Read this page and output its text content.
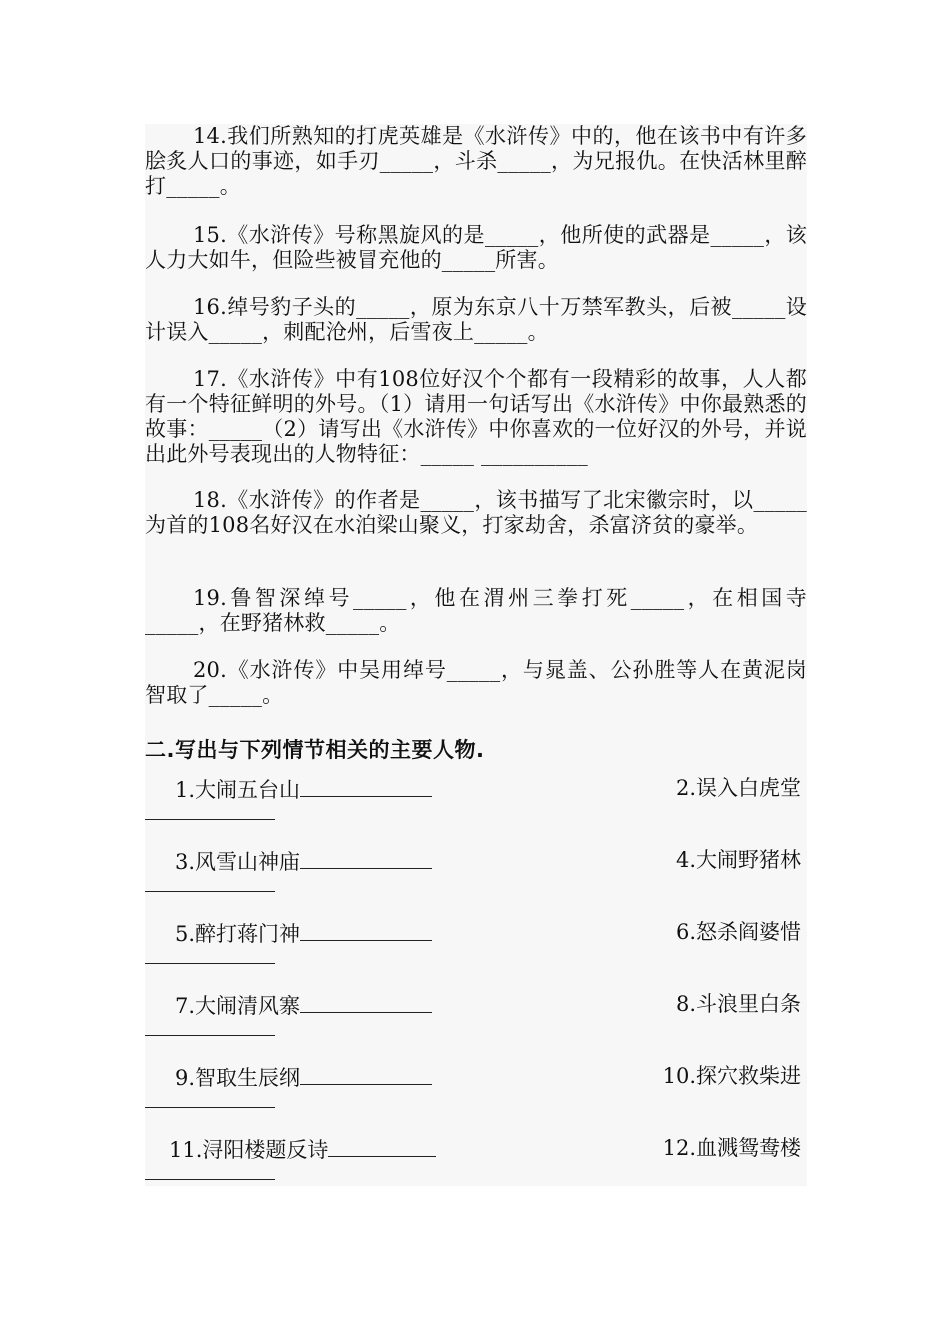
14.我们所熟知的打虎英雄是《水浒传》中的，他在该书中有许多脍炙人口的事迹，如手刃_____，斗杀_____，为兄报仇。在快活林里醉打_____。
15.《水浒传》号称黑旋风的是_____，他所使的武器是_____，该人力大如牛，但险些被冒充他的_____所害。
16.绰号豹子头的_____，原为东京八十万禁军教头，后被_____设计误入_____，刺配沧州，后雪夜上_____。
17.《水浒传》中有108位好汉个个都有一段精彩的故事，人人都有一个特征鲜明的外号。（1）请用一句话写出《水浒传》中你最熟悉的故事：_____（2）请写出《水浒传》中你喜欢的一位好汉的外号，并说出此外号表现出的人物特征：_____ __________
18.《水浒传》的作者是_____，该书描写了北宋徽宗时，以_____为首的108名好汉在水泊梁山聚义，打家劫舍，杀富济贫的豪举。
19.鲁智深绰号_____，他在渭州三拳打死_____，在相国寺_____，在野猪林救_____。
20.《水浒传》中吴用绰号_____，与晁盖、公孙胜等人在黄泥岗智取了_____。
二.写出与下列情节相关的主要人物.
1.大闹五台山	2.误入白虎堂
3.风雪山神庙	4.大闹野猪林
5.醉打蒋门神	6.怒杀阎婆惜
7.大闹清风寨	8.斗浪里白条
9.智取生辰纲	10.探穴救柴进
11.浔阳楼题反诗	12.血溅鸳鸯楼
